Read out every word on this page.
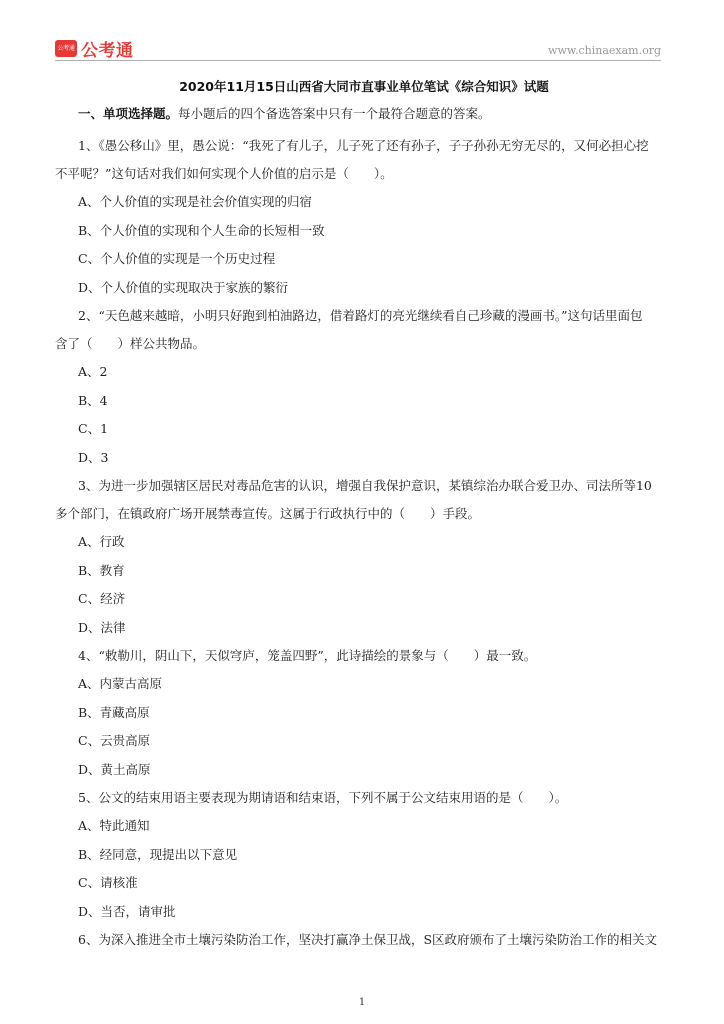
公考通 公考通	www.chinaexam.org

2020年11月15日山西省大同市直事业单位笔试《综合知识》试题

一、单项选择题。每小题后的四个备选答案中只有一个最符合题意的答案。

1、《愚公移山》里，愚公说：“我死了有儿子，儿子死了还有孙子，子子孙孙无穷无尽的，又何必担心挖

不平呢？”这句话对我们如何实现个人价值的启示是（　　）。

A、个人价值的实现是社会价值实现的归宿

B、个人价值的实现和个人生命的长短相一致

C、个人价值的实现是一个历史过程

D、个人价值的实现取决于家族的繁衍

2、“天色越来越暗，小明只好跑到柏油路边，借着路灯的亮光继续看自己珍藏的漫画书。”这句话里面包

含了（　　）样公共物品。

A、2

B、4

C、1

D、3

3、为进一步加强辖区居民对毒品危害的认识，增强自我保护意识，某镇综治办联合爱卫办、司法所等10

多个部门，在镇政府广场开展禁毒宣传。这属于行政执行中的（　　）手段。

A、行政

B、教育

C、经济

D、法律

4、“敕勒川，阴山下，天似穹庐，笼盖四野”，此诗描绘的景象与（　　）最一致。

A、内蒙古高原

B、青藏高原

C、云贵高原

D、黄土高原

5、公文的结束用语主要表现为期请语和结束语，下列不属于公文结束用语的是（　　）。

A、特此通知

B、经同意，现提出以下意见

C、请核准

D、当否，请审批

6、为深入推进全市土壤污染防治工作，坚决打赢净土保卫战，S区政府颁布了土壤污染防治工作的相关文

1
